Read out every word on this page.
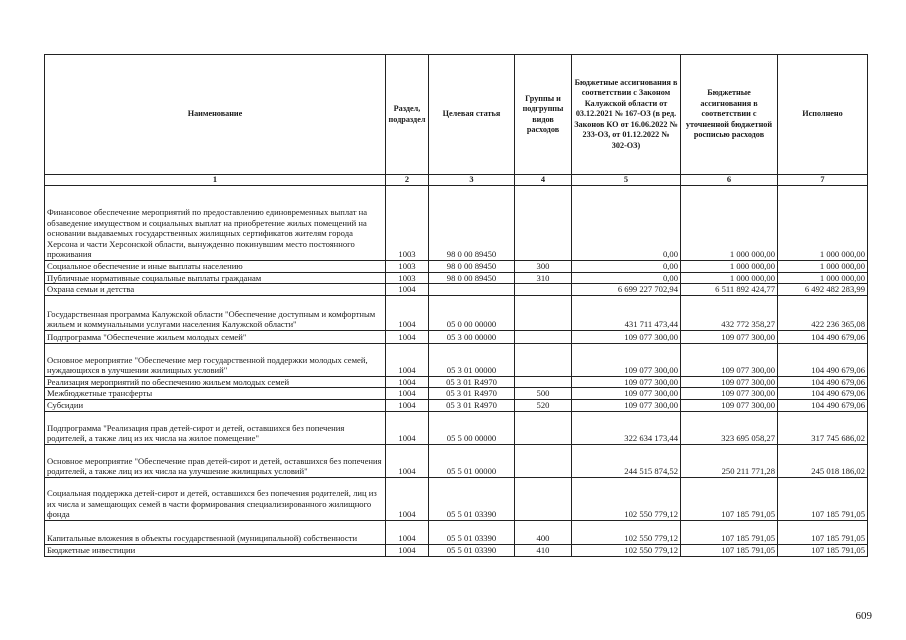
Наименование	Раздел, подраздел	Целевая статья	Группы и подгруппы видов расходов	Бюджетные ассигнования в соответствии с Законом Калужской области от 03.12.2021 № 167-ОЗ (в ред. Законов КО от 16.06.2022 № 233-ОЗ, от 01.12.2022 № 302-ОЗ)	Бюджетные ассигнования в соответствии с уточненной бюджетной росписью расходов	Исполнено
1	2	3	4	5	6	7
Финансовое обеспечение мероприятий по предоставлению единовременных выплат на обзаведение имуществом и социальных выплат на приобретение жилых помещений на основании выдаваемых государственных жилищных сертификатов жителям города Херсона и части Херсонской области, вынужденно покинувшим место постоянного проживания	1003	98 0 00 89450		0,00	1 000 000,00	1 000 000,00
Социальное обеспечение и иные выплаты населению	1003	98 0 00 89450	300	0,00	1 000 000,00	1 000 000,00
Публичные нормативные социальные выплаты гражданам	1003	98 0 00 89450	310	0,00	1 000 000,00	1 000 000,00
Охрана семьи и детства	1004			6 699 227 702,94	6 511 892 424,77	6 492 482 283,99
Государственная программа Калужской области "Обеспечение доступным и комфортным жильем и коммунальными услугами населения Калужской области"	1004	05 0 00 00000		431 711 473,44	432 772 358,27	422 236 365,08
Подпрограмма "Обеспечение жильем молодых семей"	1004	05 3 00 00000		109 077 300,00	109 077 300,00	104 490 679,06
Основное мероприятие "Обеспечение мер государственной поддержки молодых семей, нуждающихся в улучшении жилищных условий"	1004	05 3 01 00000		109 077 300,00	109 077 300,00	104 490 679,06
Реализация мероприятий по обеспечению жильем молодых семей	1004	05 3 01 R4970		109 077 300,00	109 077 300,00	104 490 679,06
Межбюджетные трансферты	1004	05 3 01 R4970	500	109 077 300,00	109 077 300,00	104 490 679,06
Субсидии	1004	05 3 01 R4970	520	109 077 300,00	109 077 300,00	104 490 679,06
Подпрограмма "Реализация прав детей-сирот и детей, оставшихся без попечения родителей, а также лиц из их числа на жилое помещение"	1004	05 5 00 00000		322 634 173,44	323 695 058,27	317 745 686,02
Основное мероприятие "Обеспечение прав детей-сирот и детей, оставшихся без попечения родителей, а также лиц из их числа на улучшение жилищных условий"	1004	05 5 01 00000		244 515 874,52	250 211 771,28	245 018 186,02
Социальная поддержка детей-сирот и детей, оставшихся без попечения родителей, лиц из их числа и замещающих семей в части формирования специализированного жилищного фонда	1004	05 5 01 03390		102 550 779,12	107 185 791,05	107 185 791,05
Капитальные вложения в объекты государственной (муниципальной) собственности	1004	05 5 01 03390	400	102 550 779,12	107 185 791,05	107 185 791,05
Бюджетные инвестиции	1004	05 5 01 03390	410	102 550 779,12	107 185 791,05	107 185 791,05
609
